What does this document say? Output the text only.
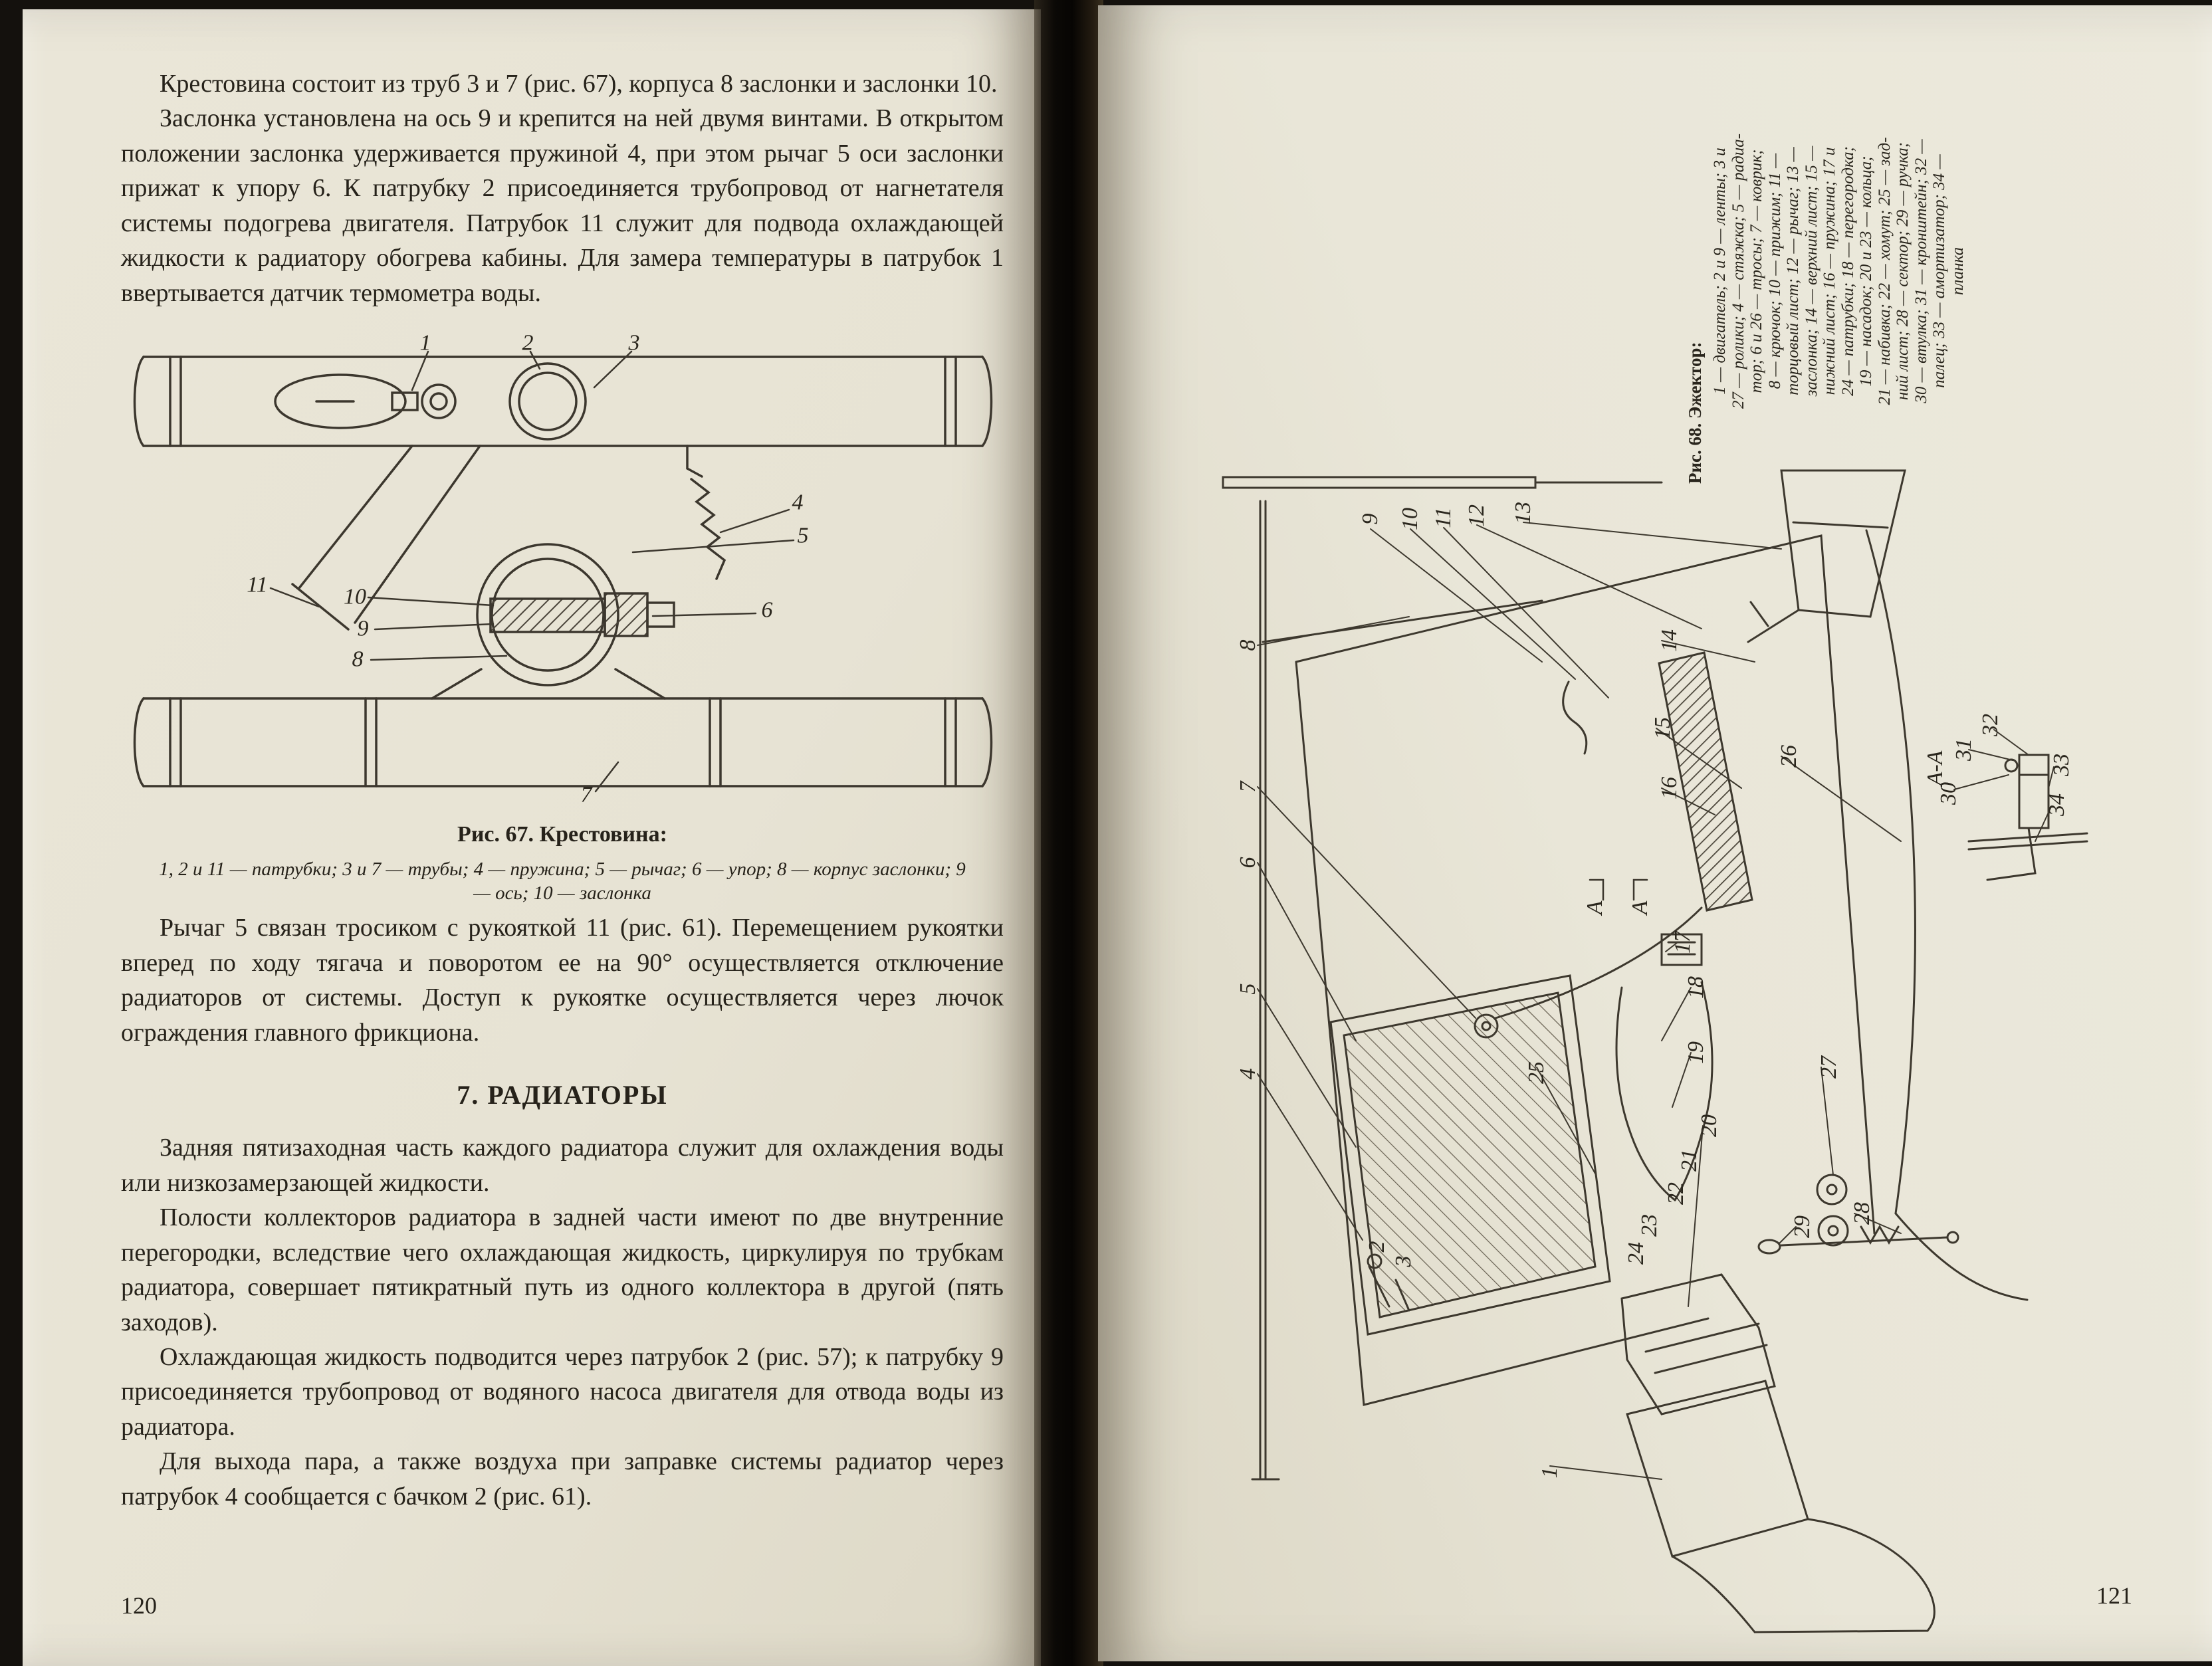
Крестовина состоит из труб 3 и 7 (рис. 67), корпуса 8 заслонки и заслонки 10.

Заслонка установлена на ось 9 и крепится на ней двумя винтами. В открытом положении заслонка удерживается пружиной 4, при этом рычаг 5 оси заслонки прижат к упору 6. К патрубку 2 присоединяется трубопровод от нагнетателя системы подогрева двигателя. Патрубок 11 служит для подвода охлаждающей жидкости к радиатору обогрева кабины. Для замера температуры в патрубок 1 ввертывается датчик термометра воды.

1	2	3
4
5
6
7
8
9
10
11
Рис. 67. Крестовина:
1, 2 и 11 — патрубки; 3 и 7 — трубы; 4 — пружина; 5 — рычаг; 6 — упор; 8 — корпус заслонки; 9 — ось; 10 — заслонка

Рычаг 5 связан тросиком с рукояткой 11 (рис. 61). Перемещением рукоятки вперед по ходу тягача и поворотом ее на 90° осуществляется отключение радиаторов от системы. Доступ к рукоятке осуществляется через лючок ограждения главного фрикциона.

7. РАДИАТОРЫ

Задняя пятизаходная часть каждого радиатора служит для охлаждения воды или низкозамерзающей жидкости.

Полости коллекторов радиатора в задней части имеют по две внутренние перегородки, вследствие чего охлаждающая жидкость, циркулируя по трубкам радиатора, совершает пятикратный путь из одного коллектора в другой (пять заходов).

Охлаждающая жидкость подводится через патрубок 2 (рис. 57); к патрубку 9 присоединяется трубопровод от водяного насоса двигателя для отвода воды из радиатора.

Для выхода пара, а также воздуха при заправке системы радиатор через патрубок 4 сообщается с бачком 2 (рис. 61).

120
Рис. 68. Эжектор:
1 — двигатель; 2 и 9 — ленты; 3 и 27 — ролики; 4 — стяжка; 5 — радиа- тор; 6 и 26 — тросы; 7 — коврик; 8 — крючок; 10 — прижим; 11 — торцовый лист; 12 — рычаг; 13 — заслонка; 14 — верхний лист; 15 — нижний лист; 16 — пружина; 17 и 24 — патрубки; 18 — перегородка; 19 — насадок; 20 и 23 — кольца; 21 — набивка; 22 — хомут; 25 — зад- ний лист; 28 — сектор; 29 — ручка; 30 — втулка; 31 — кронштейн; 32 — палец; 33 — амортизатор; 34 — планка
9 10 11 12 13
8	14
15
16
26
7
6
5
4
17
18
19
20
21
22
23
24
25	27
28
29
2
3
1
А А
А-А
30
31
32
33
34
121
